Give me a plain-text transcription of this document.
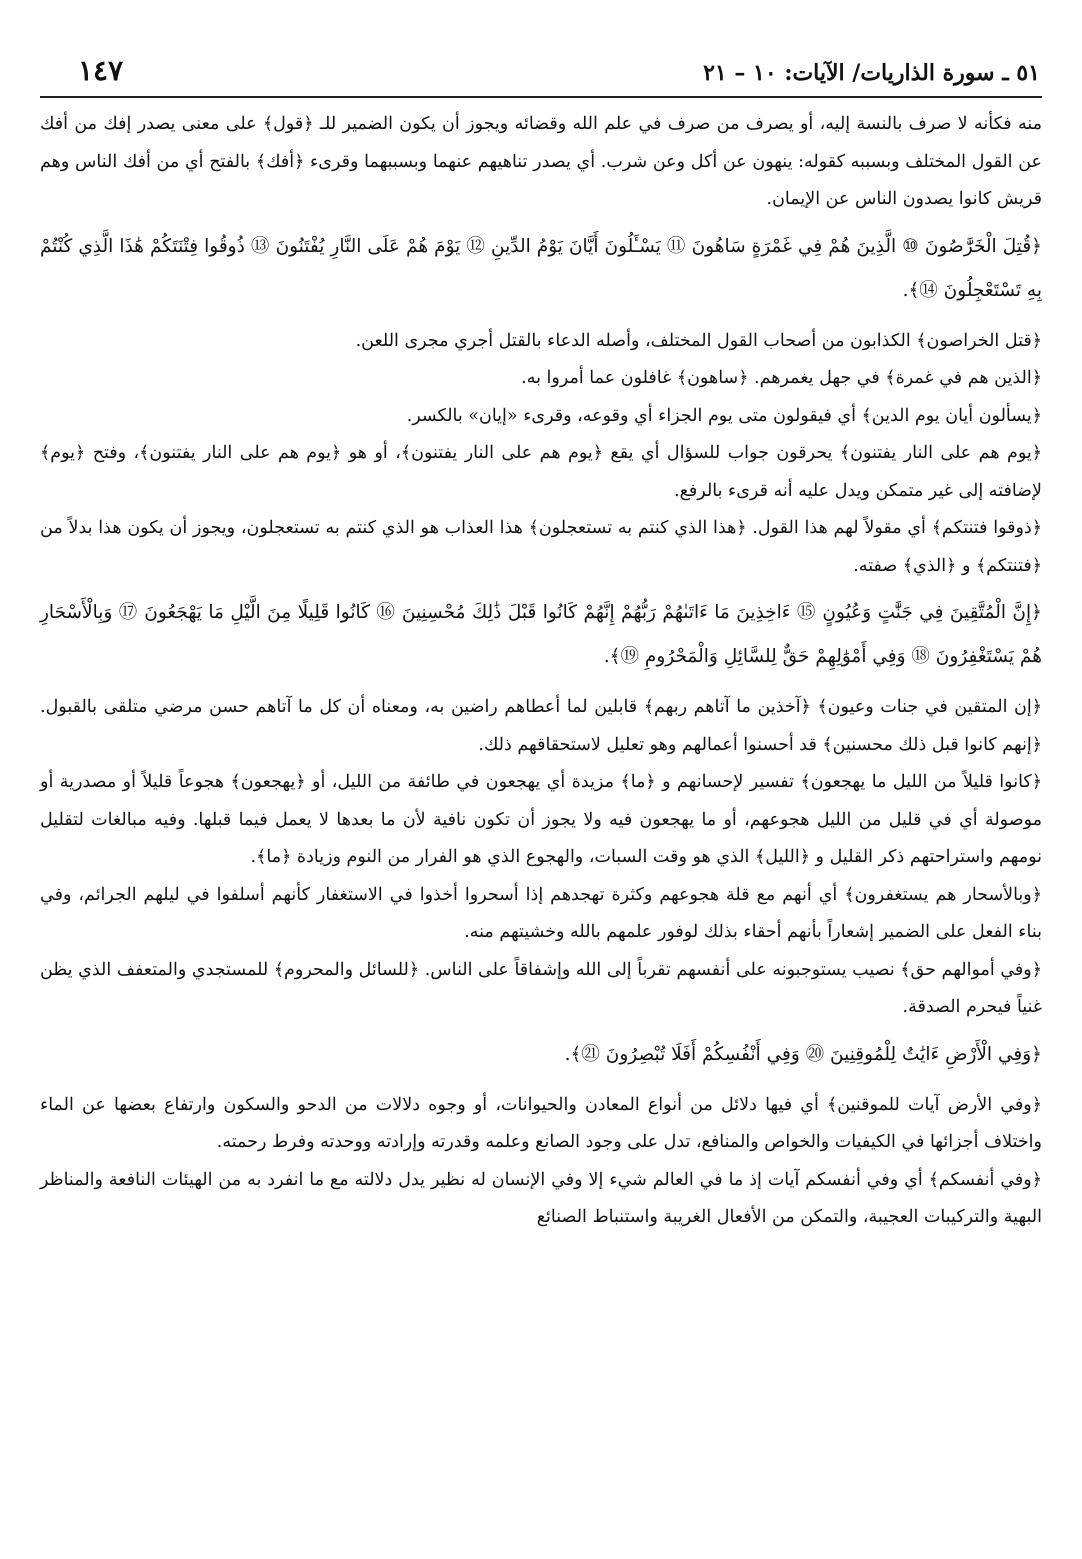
٥١ ـ سورة الذاريات/ الآيات: ١٠ – ٢١
١٤٧

منه فكأنه لا صرف بالنسة إليه، أو يصرف من صرف في علم الله وقضائه ويجوز أن يكون الضمير للـ ﴿قول﴾ على معنى يصدر إفك من أفك عن القول المختلف وبسببه كقوله: ينهون عن أكل وعن شرب. أي يصدر تناهيهم عنهما وبسببهما وقرىء ﴿أفك﴾ بالفتح أي من أفك الناس وهم قريش كانوا يصدون الناس عن الإيمان.

﴿قُتِلَ الْخَرَّٰصُونَ ⑩ الَّذِينَ هُمْ فِي غَمْرَةٍ سَاهُونَ ⑪ يَسْـَٔلُونَ أَيَّانَ يَوْمُ الدِّينِ ⑫ يَوْمَ هُمْ عَلَى النَّارِ يُفْتَنُونَ ⑬ ذُوقُوا فِتْنَتَكُمْ هَٰذَا الَّذِي كُنْتُمْ بِهِ تَسْتَعْجِلُونَ ⑭﴾.

﴿قتل الخراصون﴾ الكذابون من أصحاب القول المختلف، وأصله الدعاء بالقتل أجري مجرى اللعن.

﴿الذين هم في غمرة﴾ في جهل يغمرهم. ﴿ساهون﴾ غافلون عما أمروا به.

﴿يسألون أيان يوم الدين﴾ أي فيقولون متى يوم الجزاء أي وقوعه، وقرىء «إيان» بالكسر.

﴿يوم هم على النار يفتنون﴾ يحرقون جواب للسؤال أي يقع ﴿يوم هم على النار يفتنون﴾، أو هو ﴿يوم هم على النار يفتنون﴾، وفتح ﴿يوم﴾ لإضافته إلى غير متمكن ويدل عليه أنه قرىء بالرفع.

﴿ذوقوا فتنتكم﴾ أي مقولاً لهم هذا القول. ﴿هذا الذي كنتم به تستعجلون﴾ هذا العذاب هو الذي كنتم به تستعجلون، ويجوز أن يكون هذا بدلاً من ﴿فتنتكم﴾ و ﴿الذي﴾ صفته.

﴿إِنَّ الْمُتَّقِينَ فِي جَنَّٰتٍ وَعُيُونٍ ⑮ ءَاخِذِينَ مَا ءَاتَىٰهُمْ رَبُّهُمْ إِنَّهُمْ كَانُوا قَبْلَ ذَٰلِكَ مُحْسِنِينَ ⑯ كَانُوا قَلِيلًا مِنَ الَّيْلِ مَا يَهْجَعُونَ ⑰ وَبِالْأَسْحَارِ هُمْ يَسْتَغْفِرُونَ ⑱ وَفِي أَمْوَٰلِهِمْ حَقٌّ لِلسَّائِلِ وَالْمَحْرُومِ ⑲﴾.

﴿إن المتقين في جنات وعيون﴾ ﴿آخذين ما آتاهم ربهم﴾ قابلين لما أعطاهم راضين به، ومعناه أن كل ما آتاهم حسن مرضي متلقى بالقبول. ﴿إنهم كانوا قبل ذلك محسنين﴾ قد أحسنوا أعمالهم وهو تعليل لاستحقاقهم ذلك.

﴿كانوا قليلاً من الليل ما يهجعون﴾ تفسير لإحسانهم و ﴿ما﴾ مزيدة أي يهجعون في طائفة من الليل، أو ﴿يهجعون﴾ هجوعاً قليلاً أو مصدرية أو موصولة أي في قليل من الليل هجوعهم، أو ما يهجعون فيه ولا يجوز أن تكون نافية لأن ما بعدها لا يعمل فيما قبلها. وفيه مبالغات لتقليل نومهم واستراحتهم ذكر القليل و ﴿الليل﴾ الذي هو وقت السبات، والهجوع الذي هو الفرار من النوم وزيادة ﴿ما﴾.

﴿وبالأسحار هم يستغفرون﴾ أي أنهم مع قلة هجوعهم وكثرة تهجدهم إذا أسحروا أخذوا في الاستغفار كأنهم أسلفوا في ليلهم الجرائم، وفي بناء الفعل على الضمير إشعاراً بأنهم أحقاء بذلك لوفور علمهم بالله وخشيتهم منه.

﴿وفي أموالهم حق﴾ نصيب يستوجبونه على أنفسهم تقرباً إلى الله وإشفاقاً على الناس. ﴿للسائل والمحروم﴾ للمستجدي والمتعفف الذي يظن غنياً فيحرم الصدقة.

﴿وَفِي الْأَرْضِ ءَايَٰتٌ لِلْمُوقِنِينَ ⑳ وَفِي أَنْفُسِكُمْ أَفَلَا تُبْصِرُونَ ㉑﴾.

﴿وفي الأرض آيات للموقنين﴾ أي فيها دلائل من أنواع المعادن والحيوانات، أو وجوه دلالات من الدحو والسكون وارتفاع بعضها عن الماء واختلاف أجزائها في الكيفيات والخواص والمنافع، تدل على وجود الصانع وعلمه وقدرته وإرادته ووحدته وفرط رحمته.

﴿وفي أنفسكم﴾ أي وفي أنفسكم آيات إذ ما في العالم شيء إلا وفي الإنسان له نظير يدل دلالته مع ما انفرد به من الهيئات النافعة والمناظر البهية والتركيبات العجيبة، والتمكن من الأفعال الغريبة واستنباط الصنائع
